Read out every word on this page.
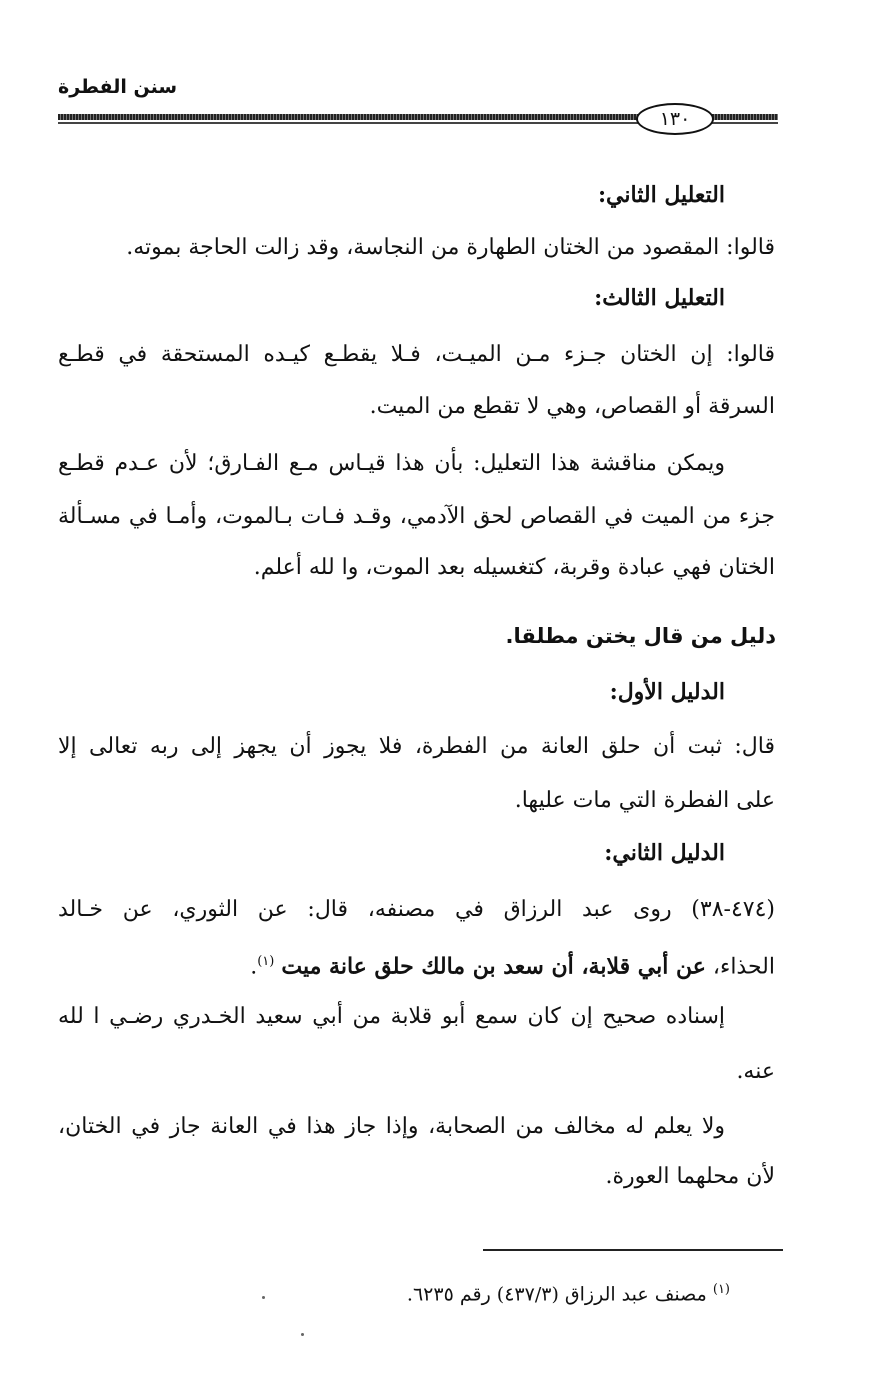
سنن الفطرة
١٣٠
التعليل الثاني:
قالوا: المقصود من الختان الطهارة من النجاسة، وقد زالت الحاجة بموته.
التعليل الثالث:
قالوا: إن الختان جـزء مـن الميـت، فـلا يقطـع كيـده المستحقة في قطـع
السرقة أو القصاص، وهي لا تقطع من الميت.
ويمكن مناقشة هذا التعليل: بأن هذا قيـاس مـع الفـارق؛ لأن عـدم قطـع
جزء من الميت في القصاص لحق الآدمي، وقـد فـات بـالموت، وأمـا في مسـألة
الختان فهي عبادة وقربة، كتغسيله بعد الموت، وا لله أعلم.
دليل من قال يختن مطلقا.
الدليل الأول:
قال: ثبت أن حلق العانة من الفطرة، فلا يجوز أن يجهز إلى ربه تعالى إلا
على الفطرة التي مات عليها.
الدليل الثاني:
(٤٧٤-٣٨) روى عبد الرزاق في مصنفه، قال: عن الثوري، عن خـالد
الحذاء، عن أبي قلابة، أن سعد بن مالك حلق عانة ميت $^{(١)}$.
إسناده صحيح إن كان سمع أبو قلابة من أبي سعيد الخـدري رضـي ا لله
عنه.
ولا يعلم له مخالف من الصحابة، وإذا جاز هذا في العانة جاز في الختان،
لأن محلهما العورة.
$^{(١)}$ مصنف عبد الرزاق (٤٣٧/٣) رقم ٦٢٣٥.
